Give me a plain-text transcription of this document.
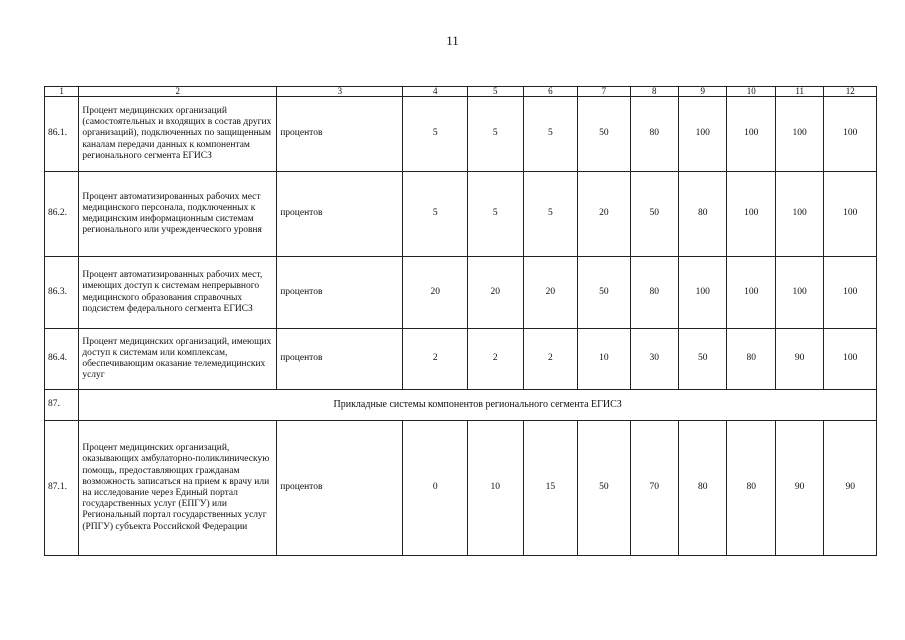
11
1	2	3	4	5	6	7	8	9	10	11	12
86.1.	Процент медицинских организаций (самостоятельных и входящих в состав других организаций), подключенных по защищенным каналам передачи данных к компонентам регионального сегмента ЕГИСЗ	процентов	5	5	5	50	80	100	100	100	100
86.2.	Процент автоматизированных рабочих мест медицинского персонала, подключенных к медицинским информационным системам регионального или учрежденческого уровня	процентов	5	5	5	20	50	80	100	100	100
86.3.	Процент автоматизированных рабочих мест, имеющих доступ к системам непрерывного медицинского образования справочных подсистем федерального сегмента ЕГИСЗ	процентов	20	20	20	50	80	100	100	100	100
86.4.	Процент медицинских организаций, имеющих доступ к системам или комплексам, обеспечивающим оказание телемедицинских услуг	процентов	2	2	2	10	30	50	80	90	100
87.	Прикладные системы компонентов регионального сегмента ЕГИСЗ										
87.1.	Процент медицинских организаций, оказывающих амбулаторно-поликлиническую помощь, предоставляющих гражданам возможность записаться на прием к врачу или на исследование через Единый портал государственных услуг (ЕПГУ) или Региональный портал государственных услуг (РПГУ) субъекта Российской Федерации	процентов	0	10	15	50	70	80	80	90	90
